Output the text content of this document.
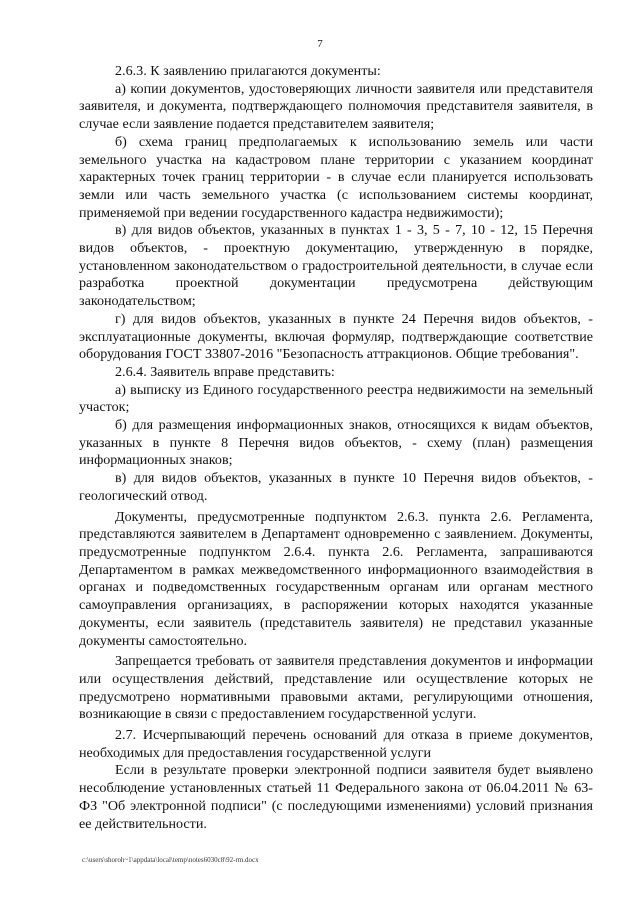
7

2.6.3. К заявлению прилагаются документы:

а) копии документов, удостоверяющих личности заявителя или представителя заявителя, и документа, подтверждающего полномочия представителя заявителя, в случае если заявление подается представителем заявителя;

б) схема границ предполагаемых к использованию земель или части земельного участка на кадастровом плане территории с указанием координат характерных точек границ территории - в случае если планируется использовать земли или часть земельного участка (с использованием системы координат, применяемой при ведении государственного кадастра недвижимости);

в) для видов объектов, указанных в пунктах 1 - 3, 5 - 7, 10 - 12, 15 Перечня видов объектов, - проектную документацию, утвержденную в порядке, установленном законодательством о градостроительной деятельности, в случае если разработка проектной документации предусмотрена действующим законодательством;

г) для видов объектов, указанных в пункте 24 Перечня видов объектов, - эксплуатационные документы, включая формуляр, подтверждающие соответствие оборудования ГОСТ 33807-2016 "Безопасность аттракционов. Общие требования".

2.6.4. Заявитель вправе представить:

а) выписку из Единого государственного реестра недвижимости на земельный участок;

б) для размещения информационных знаков, относящихся к видам объектов, указанных в пункте 8 Перечня видов объектов, - схему (план) размещения информационных знаков;

в) для видов объектов, указанных в пункте 10 Перечня видов объектов, - геологический отвод.

Документы, предусмотренные подпунктом 2.6.3. пункта 2.6. Регламента, представляются заявителем в Департамент одновременно с заявлением. Документы, предусмотренные подпунктом 2.6.4. пункта 2.6. Регламента, запрашиваются Департаментом в рамках межведомственного информационного взаимодействия в органах и подведомственных государственным органам или органам местного самоуправления организациях, в распоряжении которых находятся указанные документы, если заявитель (представитель заявителя) не представил указанные документы самостоятельно.

Запрещается требовать от заявителя представления документов и информации или осуществления действий, представление или осуществление которых не предусмотрено нормативными правовыми актами, регулирующими отношения, возникающие в связи с предоставлением государственной услуги.

2.7. Исчерпывающий перечень оснований для отказа в приеме документов, необходимых для предоставления государственной услуги

Если в результате проверки электронной подписи заявителя будет выявлено несоблюдение установленных статьей 11 Федерального закона от 06.04.2011 № 63-ФЗ "Об электронной подписи" (с последующими изменениями) условий признания ее действительности.

c:\users\shoroh~1\appdata\local\temp\notes6030c8\92-rm.docx
